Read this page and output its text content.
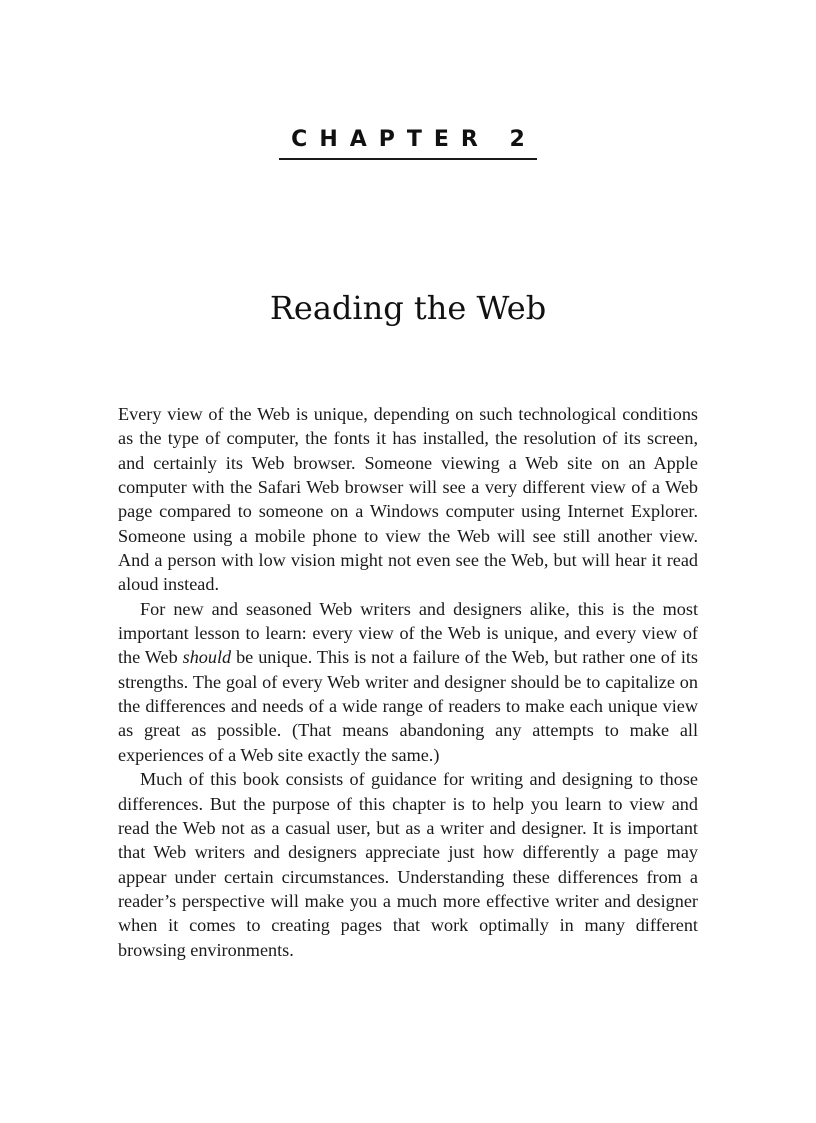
CHAPTER 2
Reading the Web

Every view of the Web is unique, depending on such technological conditions as the type of computer, the fonts it has installed, the resolution of its screen, and certainly its Web browser. Someone viewing a Web site on an Apple computer with the Safari Web browser will see a very different view of a Web page compared to someone on a Windows computer using Internet Explorer. Someone using a mobile phone to view the Web will see still another view. And a person with low vision might not even see the Web, but will hear it read aloud instead.

For new and seasoned Web writers and designers alike, this is the most important lesson to learn: every view of the Web is unique, and every view of the Web should be unique. This is not a failure of the Web, but rather one of its strengths. The goal of every Web writer and designer should be to capitalize on the differences and needs of a wide range of readers to make each unique view as great as possible. (That means abandoning any attempts to make all experiences of a Web site exactly the same.)

Much of this book consists of guidance for writing and designing to those differences. But the purpose of this chapter is to help you learn to view and read the Web not as a casual user, but as a writer and designer. It is important that Web writers and designers appreciate just how differently a page may appear under certain circumstances. Understanding these differences from a reader’s perspective will make you a much more effective writer and designer when it comes to creating pages that work optimally in many different browsing environments.
